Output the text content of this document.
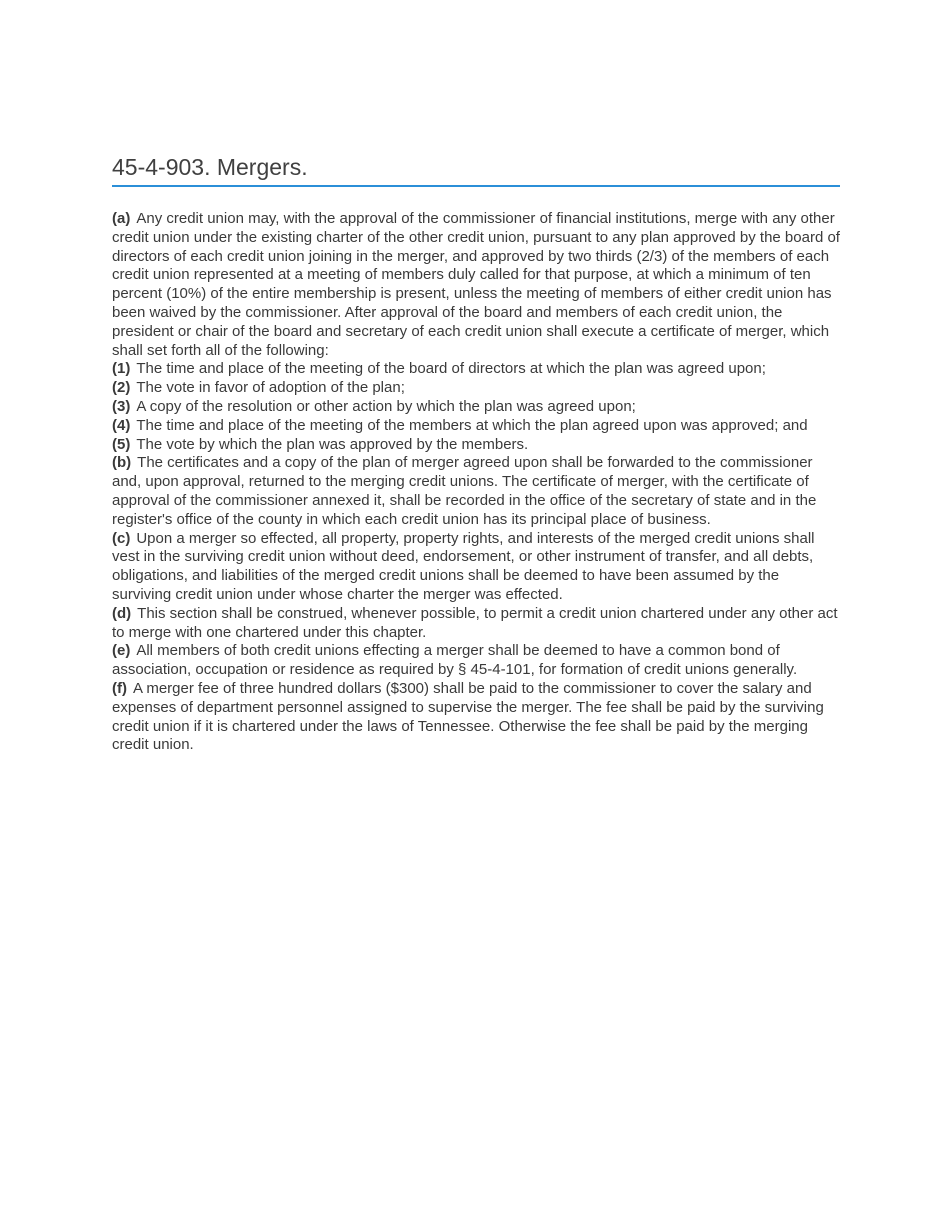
45-4-903. Mergers.

(a) Any credit union may, with the approval of the commissioner of financial institutions, merge with any other credit union under the existing charter of the other credit union, pursuant to any plan approved by the board of directors of each credit union joining in the merger, and approved by two thirds (2/3) of the members of each credit union represented at a meeting of members duly called for that purpose, at which a minimum of ten percent (10%) of the entire membership is present, unless the meeting of members of either credit union has been waived by the commissioner. After approval of the board and members of each credit union, the president or chair of the board and secretary of each credit union shall execute a certificate of merger, which shall set forth all of the following:

(1) The time and place of the meeting of the board of directors at which the plan was agreed upon;

(2) The vote in favor of adoption of the plan;

(3) A copy of the resolution or other action by which the plan was agreed upon;

(4) The time and place of the meeting of the members at which the plan agreed upon was approved; and

(5) The vote by which the plan was approved by the members.

(b) The certificates and a copy of the plan of merger agreed upon shall be forwarded to the commissioner and, upon approval, returned to the merging credit unions. The certificate of merger, with the certificate of approval of the commissioner annexed it, shall be recorded in the office of the secretary of state and in the register's office of the county in which each credit union has its principal place of business.

(c) Upon a merger so effected, all property, property rights, and interests of the merged credit unions shall vest in the surviving credit union without deed, endorsement, or other instrument of transfer, and all debts, obligations, and liabilities of the merged credit unions shall be deemed to have been assumed by the surviving credit union under whose charter the merger was effected.

(d) This section shall be construed, whenever possible, to permit a credit union chartered under any other act to merge with one chartered under this chapter.

(e) All members of both credit unions effecting a merger shall be deemed to have a common bond of association, occupation or residence as required by § 45-4-101, for formation of credit unions generally.

(f) A merger fee of three hundred dollars ($300) shall be paid to the commissioner to cover the salary and expenses of department personnel assigned to supervise the merger. The fee shall be paid by the surviving credit union if it is chartered under the laws of Tennessee. Otherwise the fee shall be paid by the merging credit union.
